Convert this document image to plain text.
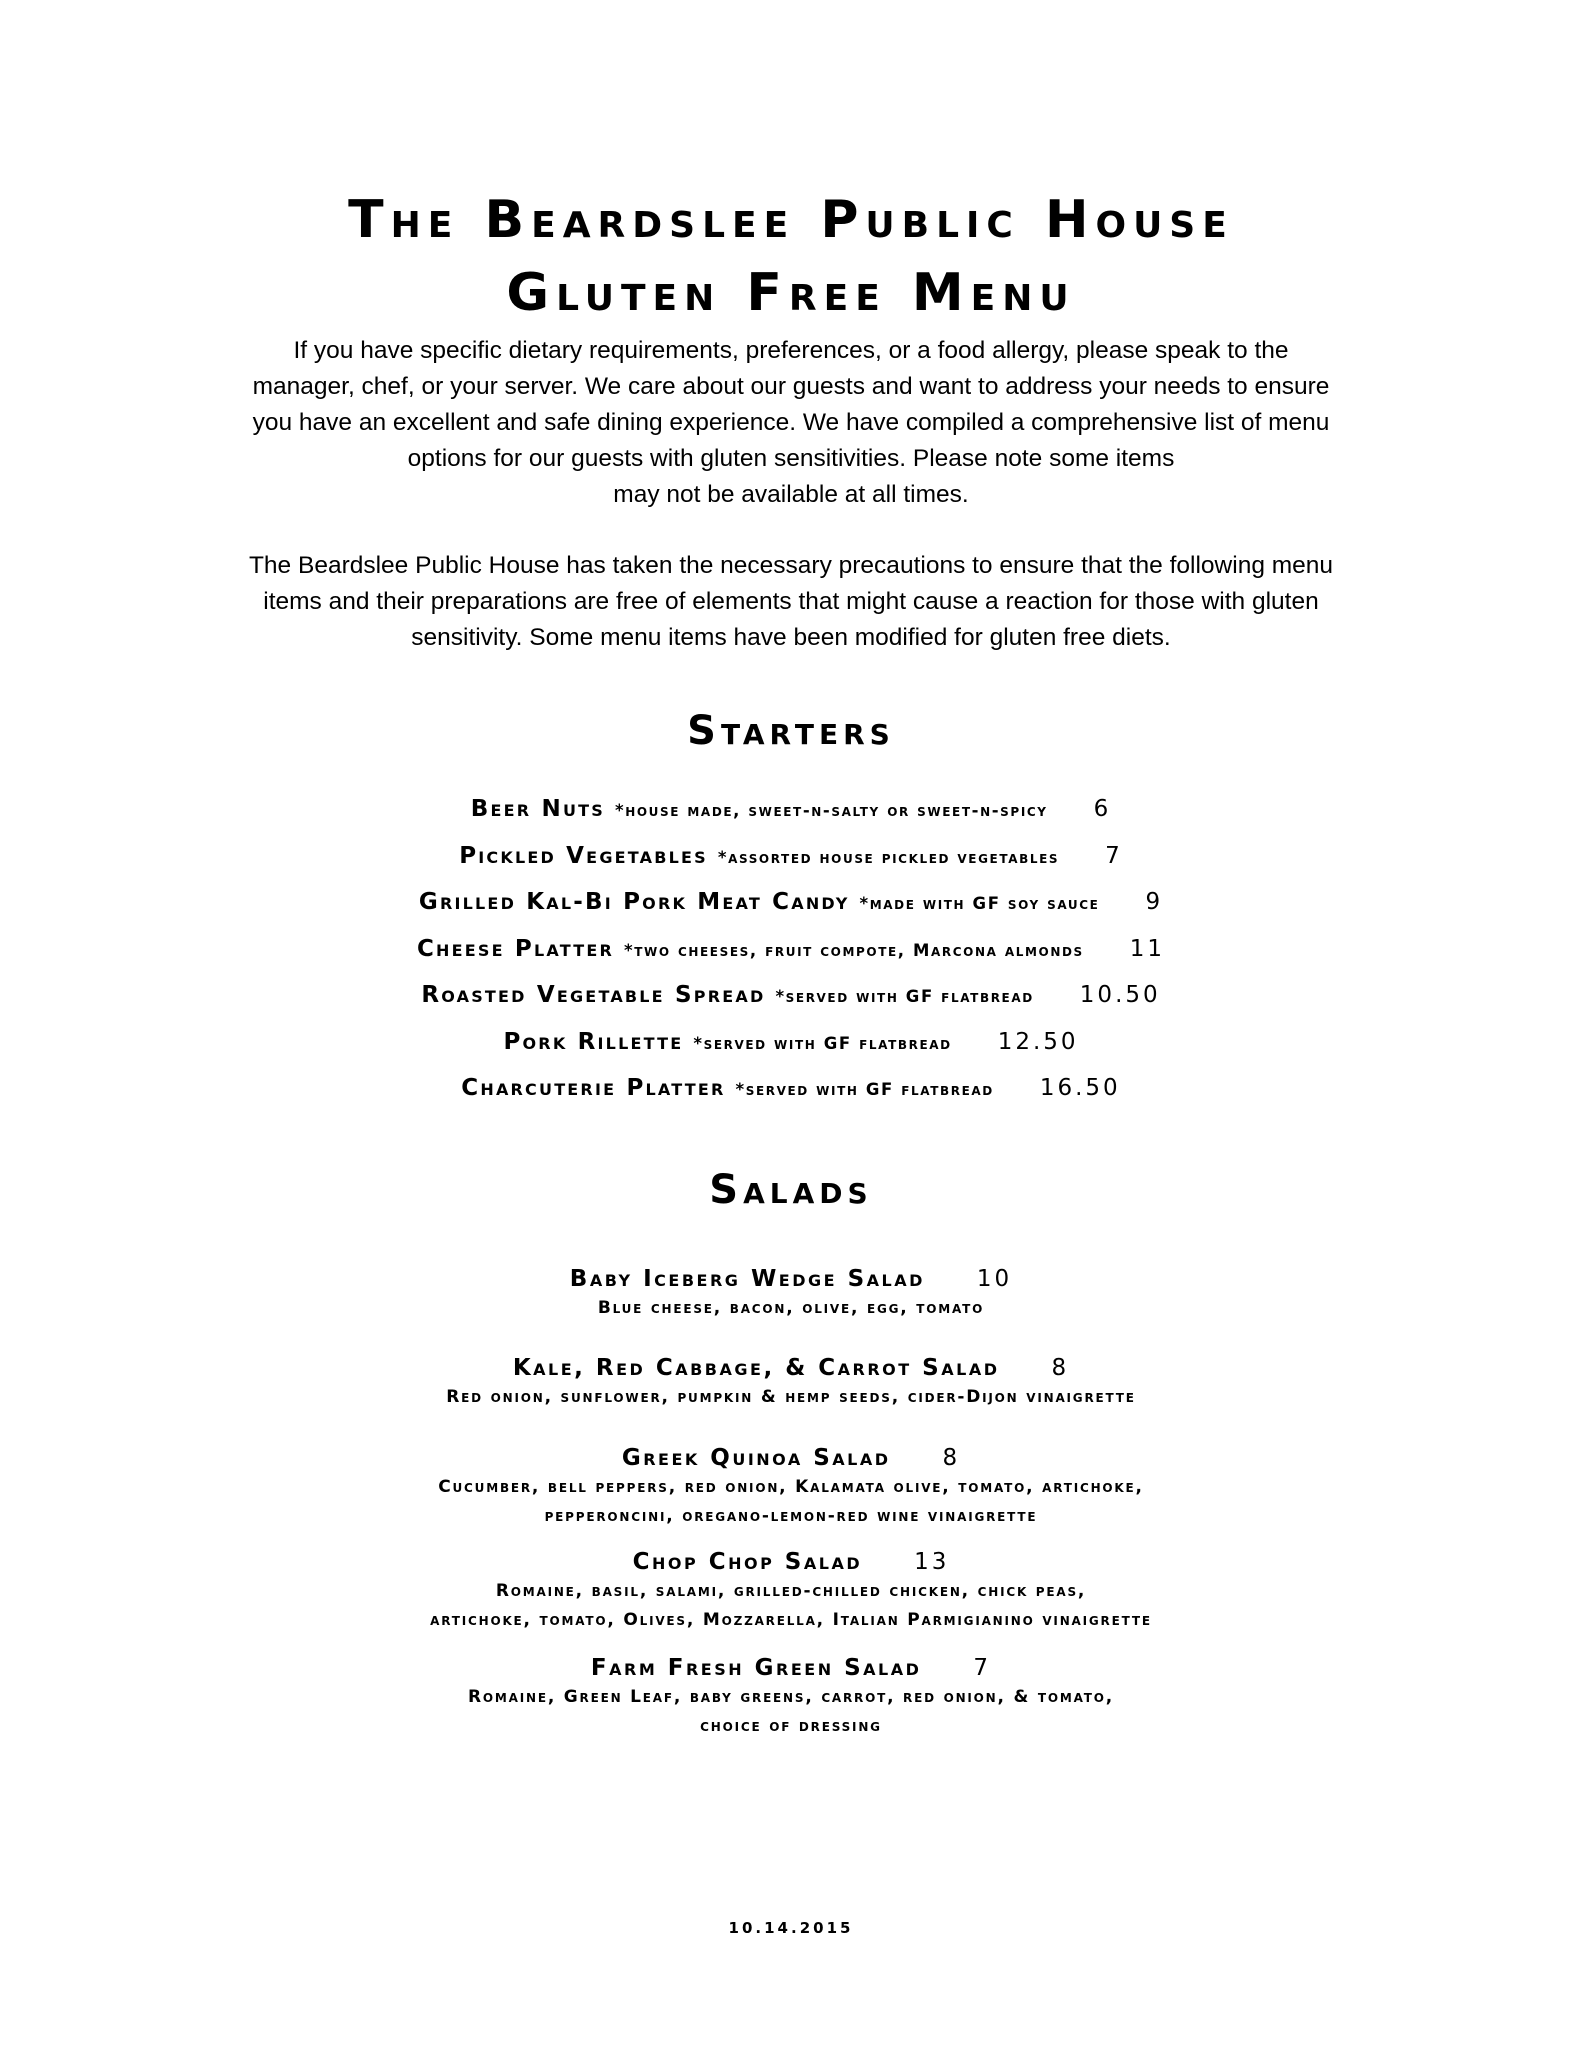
The Beardslee Public House
Gluten Free Menu
If you have specific dietary requirements, preferences, or a food allergy, please speak to the
manager, chef, or your server. We care about our guests and want to address your needs to ensure
you have an excellent and safe dining experience. We have compiled a comprehensive list of menu
options for our guests with gluten sensitivities. Please note some items
may not be available at all times.
The Beardslee Public House has taken the necessary precautions to ensure that the following menu
items and their preparations are free of elements that might cause a reaction for those with gluten
sensitivity. Some menu items have been modified for gluten free diets.
Starters
Beer Nuts *house made, sweet-n-salty or sweet-n-spicy 6
Pickled Vegetables *assorted house pickled vegetables 7
Grilled Kal-Bi Pork Meat Candy *made with GF soy sauce 9
Cheese Platter *two cheeses, fruit compote, Marcona almonds 11
Roasted Vegetable Spread *served with GF flatbread 10.50
Pork Rillette *served with GF flatbread 12.50
Charcuterie Platter *served with GF flatbread 16.50
Salads
Baby Iceberg Wedge Salad 10
Blue cheese, bacon, olive, egg, tomato
Kale, Red Cabbage, & Carrot Salad 8
Red onion, sunflower, pumpkin & hemp seeds, cider-Dijon vinaigrette
Greek Quinoa Salad 8
Cucumber, bell peppers, red onion, Kalamata olive, tomato, artichoke,
pepperoncini, oregano-lemon-red wine vinaigrette
Chop Chop Salad 13
Romaine, basil, salami, grilled-chilled chicken, chick peas,
artichoke, tomato, Olives, Mozzarella, Italian Parmigianino vinaigrette
Farm Fresh Green Salad 7
Romaine, Green Leaf, baby greens, carrot, red onion, & tomato,
choice of dressing
10.14.2015
